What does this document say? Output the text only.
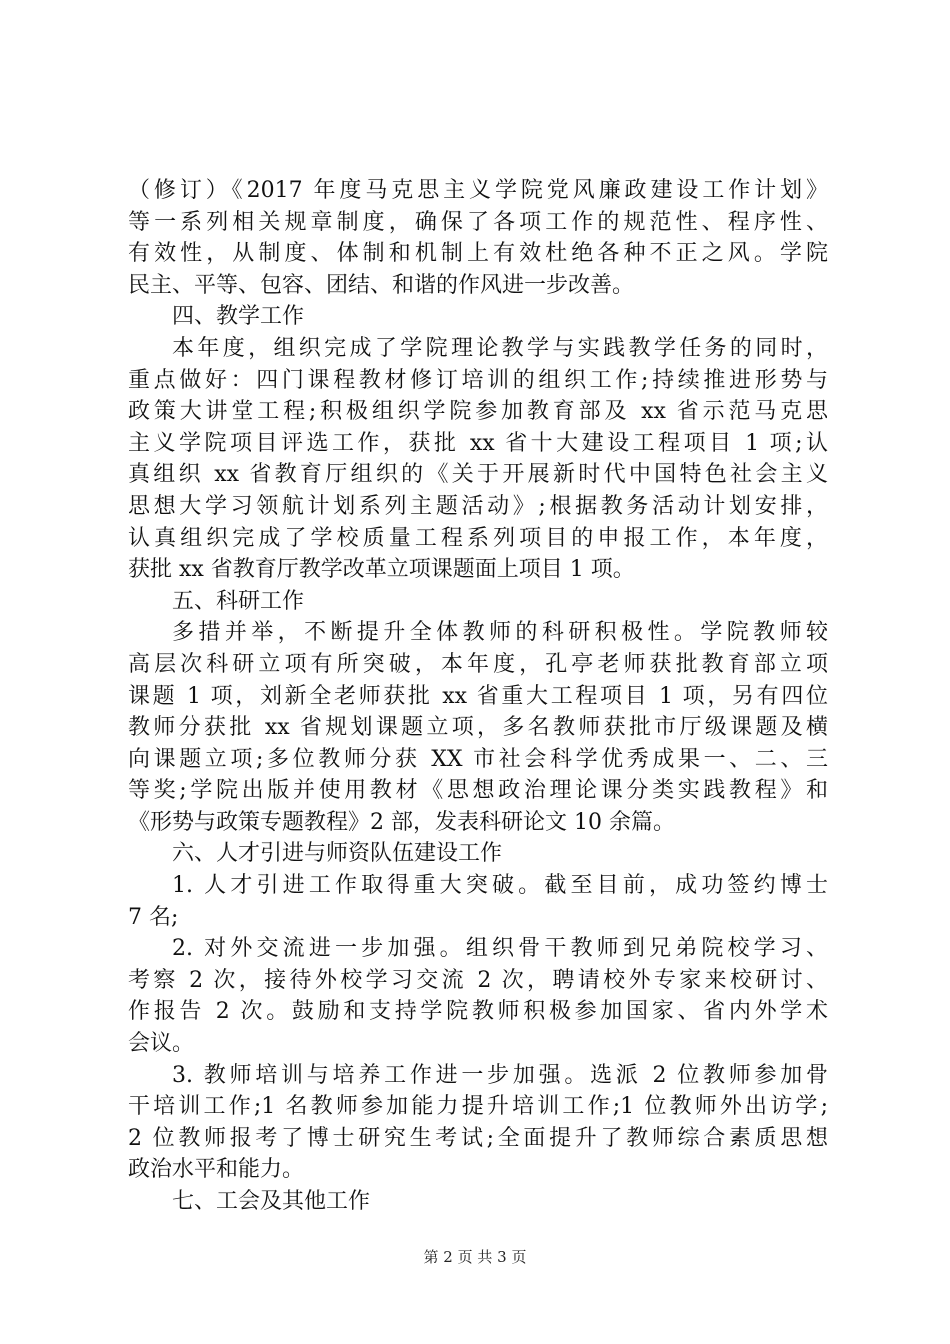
（修订）《2017 年度马克思主义学院党风廉政建设工作计划》
等一系列相关规章制度，确保了各项工作的规范性、程序性、
有效性，从制度、体制和机制上有效杜绝各种不正之风。学院
民主、平等、包容、团结、和谐的作风进一步改善。
四、教学工作
本年度，组织完成了学院理论教学与实践教学任务的同时，
重点做好：四门课程教材修订培训的组织工作;持续推进形势与
政策大讲堂工程;积极组织学院参加教育部及 xx 省示范马克思
主义学院项目评选工作，获批 xx 省十大建设工程项目 1 项;认
真组织 xx 省教育厅组织的《关于开展新时代中国特色社会主义
思想大学习领航计划系列主题活动》;根据教务活动计划安排，
认真组织完成了学校质量工程系列项目的申报工作，本年度，
获批 xx 省教育厅教学改革立项课题面上项目 1 项。
五、科研工作
多措并举，不断提升全体教师的科研积极性。学院教师较
高层次科研立项有所突破，本年度，孔亭老师获批教育部立项
课题 1 项，刘新全老师获批 xx 省重大工程项目 1 项，另有四位
教师分获批 xx 省规划课题立项，多名教师获批市厅级课题及横
向课题立项;多位教师分获 XX 市社会科学优秀成果一、二、三
等奖;学院出版并使用教材《思想政治理论课分类实践教程》和
《形势与政策专题教程》2 部，发表科研论文 10 余篇。
六、人才引进与师资队伍建设工作
1. 人才引进工作取得重大突破。截至目前，成功签约博士
7 名;
2. 对外交流进一步加强。组织骨干教师到兄弟院校学习、
考察 2 次，接待外校学习交流 2 次，聘请校外专家来校研讨、
作报告 2 次。鼓励和支持学院教师积极参加国家、省内外学术
会议。
3. 教师培训与培养工作进一步加强。选派 2 位教师参加骨
干培训工作;1 名教师参加能力提升培训工作;1 位教师外出访学;
2 位教师报考了博士研究生考试;全面提升了教师综合素质思想
政治水平和能力。
七、工会及其他工作
第 2 页 共 3 页
